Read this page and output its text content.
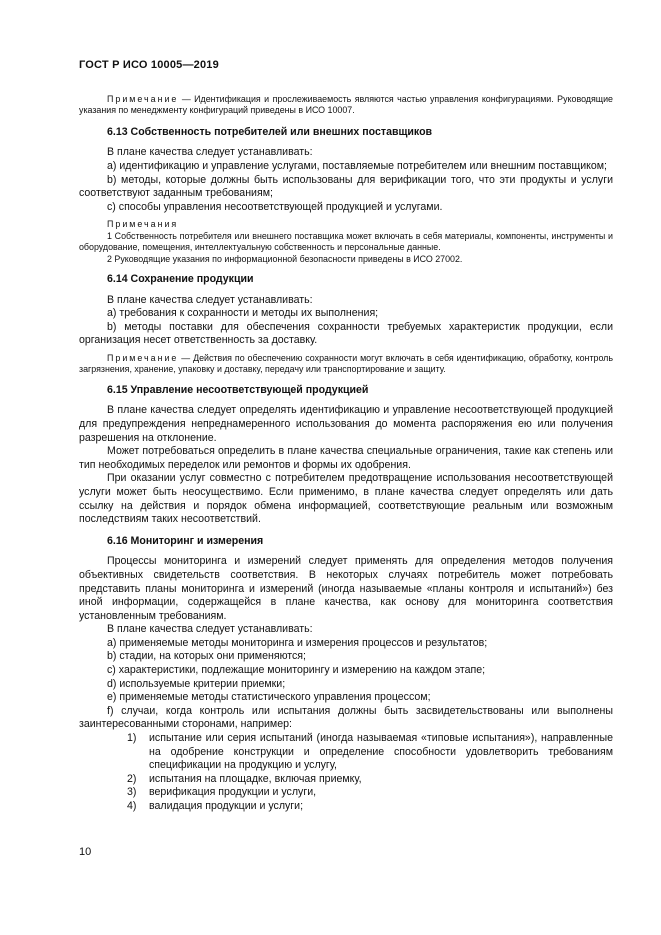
ГОСТ Р ИСО 10005—2019

Примечание — Идентификация и прослеживаемость являются частью управления конфигурациями. Руководящие указания по менеджменту конфигураций приведены в ИСО 10007.

6.13 Собственность потребителей или внешних поставщиков

В плане качества следует устанавливать:

a) идентификацию и управление услугами, поставляемые потребителем или внешним поставщиком;

b) методы, которые должны быть использованы для верификации того, что эти продукты и услуги соответствуют заданным требованиям;

c) способы управления несоответствующей продукцией и услугами.

Примечания

1 Собственность потребителя или внешнего поставщика может включать в себя материалы, компоненты, инструменты и оборудование, помещения, интеллектуальную собственность и персональные данные.

2 Руководящие указания по информационной безопасности приведены в ИСО 27002.

6.14 Сохранение продукции

В плане качества следует устанавливать:

a) требования к сохранности и методы их выполнения;

b) методы поставки для обеспечения сохранности требуемых характеристик продукции, если организация несет ответственность за доставку.

Примечание — Действия по обеспечению сохранности могут включать в себя идентификацию, обработку, контроль загрязнения, хранение, упаковку и доставку, передачу или транспортирование и защиту.

6.15 Управление несоответствующей продукцией

В плане качества следует определять идентификацию и управление несоответствующей продукцией для предупреждения непреднамеренного использования до момента распоряжения ею или получения разрешения на отклонение.

Может потребоваться определить в плане качества специальные ограничения, такие как степень или тип необходимых переделок или ремонтов и формы их одобрения.

При оказании услуг совместно с потребителем предотвращение использования несоответствующей услуги может быть неосуществимо. Если применимо, в плане качества следует определять или дать ссылку на действия и порядок обмена информацией, соответствующие реальным или возможным последствиям таких несоответствий.

6.16 Мониторинг и измерения

Процессы мониторинга и измерений следует применять для определения методов получения объективных свидетельств соответствия. В некоторых случаях потребитель может потребовать представить планы мониторинга и измерений (иногда называемые «планы контроля и испытаний») без иной информации, содержащейся в плане качества, как основу для мониторинга соответствия установленным требованиям.

В плане качества следует устанавливать:

a) применяемые методы мониторинга и измерения процессов и результатов;

b) стадии, на которых они применяются;

c) характеристики, подлежащие мониторингу и измерению на каждом этапе;

d) используемые критерии приемки;

e) применяемые методы статистического управления процессом;

f) случаи, когда контроль или испытания должны быть засвидетельствованы или выполнены заинтересованными сторонами, например:

1) испытание или серия испытаний (иногда называемая «типовые испытания»), направленные на одобрение конструкции и определение способности удовлетворить требованиям спецификации на продукцию и услугу,
2) испытания на площадке, включая приемку,
3) верификация продукции и услуги,
4) валидация продукции и услуги;
10
